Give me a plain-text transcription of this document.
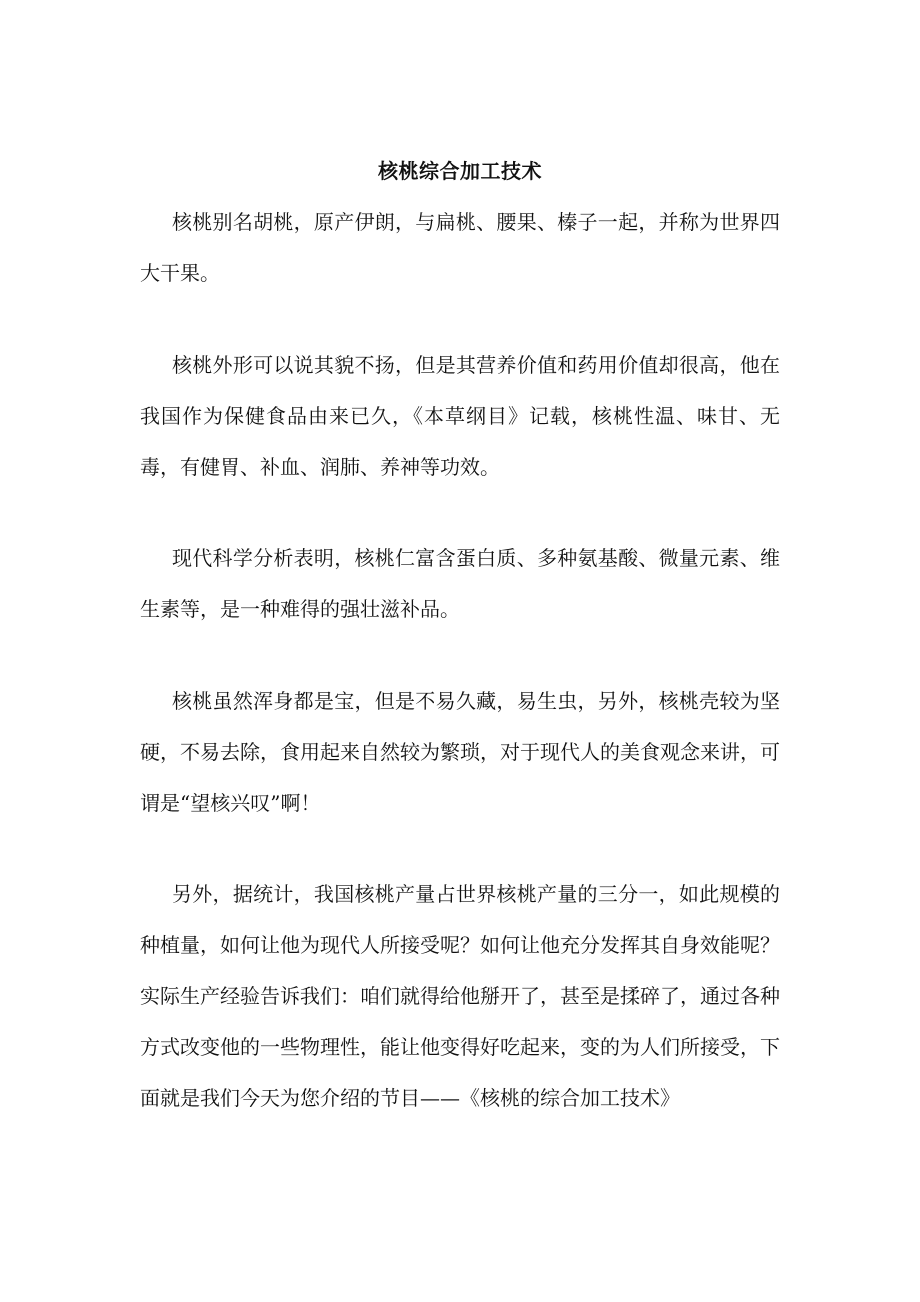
核桃综合加工技术

核桃别名胡桃，原产伊朗，与扁桃、腰果、榛子一起，并称为世界四大干果。

核桃外形可以说其貌不扬，但是其营养价值和药用价值却很高，他在我国作为保健食品由来已久，《本草纲目》记载，核桃性温、味甘、无毒，有健胃、补血、润肺、养神等功效。

现代科学分析表明，核桃仁富含蛋白质、多种氨基酸、微量元素、维生素等，是一种难得的强壮滋补品。

核桃虽然浑身都是宝，但是不易久藏，易生虫，另外，核桃壳较为坚硬，不易去除，食用起来自然较为繁琐，对于现代人的美食观念来讲，可谓是“望核兴叹”啊！

另外，据统计，我国核桃产量占世界核桃产量的三分一，如此规模的种植量，如何让他为现代人所接受呢？如何让他充分发挥其自身效能呢？实际生产经验告诉我们：咱们就得给他掰开了，甚至是揉碎了，通过各种方式改变他的一些物理性，能让他变得好吃起来，变的为人们所接受，下面就是我们今天为您介绍的节目——《核桃的综合加工技术》
